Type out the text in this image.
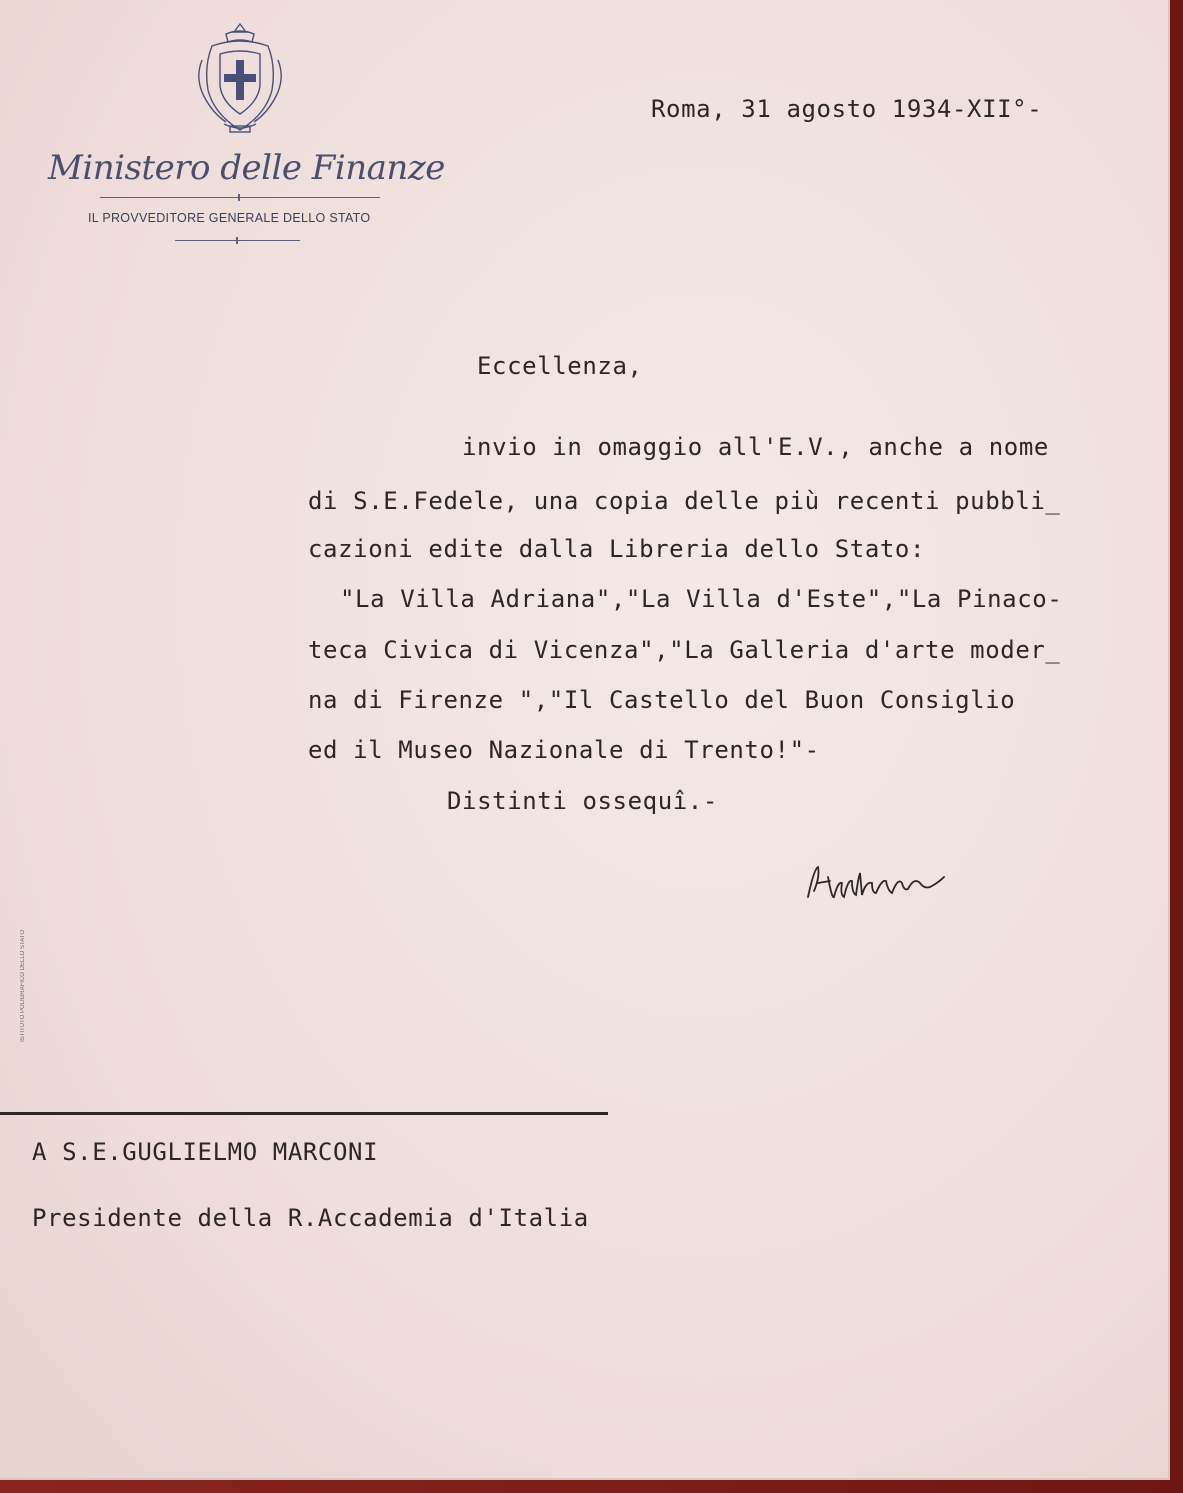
Ministero delle Finanze
IL PROVVEDITORE GENERALE DELLO STATO
Roma, 31 agosto 1934-XII°-
Eccellenza,
invio in omaggio all'E.V., anche a nome
di S.E.Fedele, una copia delle più recenti pubbli_
cazioni edite dalla Libreria dello Stato:
"La Villa Adriana","La Villa d'Este","La Pinaco-
teca Civica di Vicenza","La Galleria d'arte moder_
na di Firenze ","Il Castello del Buon Consiglio
ed il Museo Nazionale di Trento!"-
Distinti ossequî.-
ISTITUTO POLIGRAFICO DELLO STATO
A S.E.GUGLIELMO MARCONI
Presidente della R.Accademia d'Italia
